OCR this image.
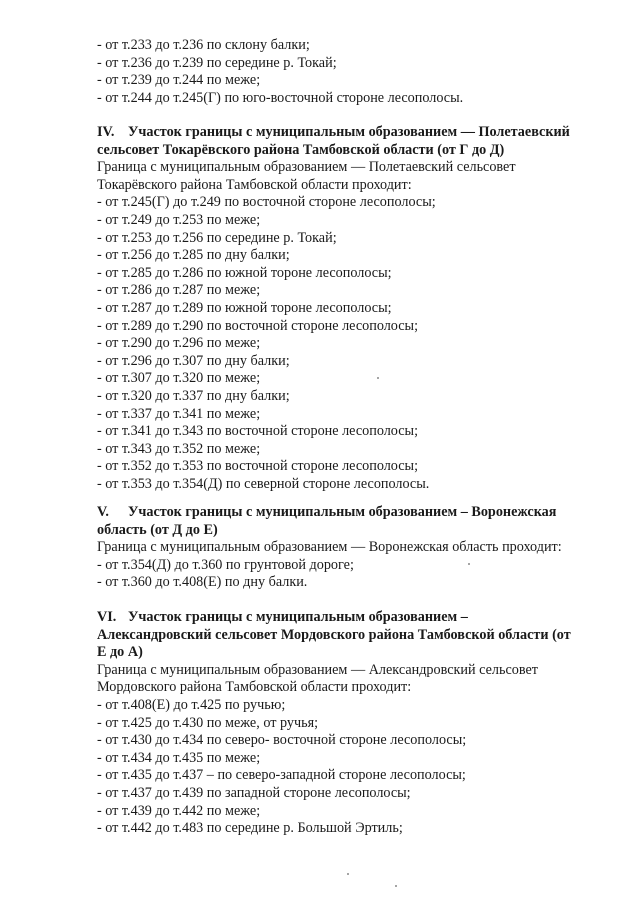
- от т.233 до т.236 по склону балки;
- от т.236 до т.239 по середине р. Токай;
- от т.239 до т.244 по меже;
- от т.244 до т.245(Г) по юго-восточной стороне лесополосы.
IV. Участок границы с муниципальным образованием — Полетаевский
сельсовет Токарёвского района Тамбовской области (от Г до Д)
Граница с муниципальным образованием — Полетаевский сельсовет
Токарёвского района Тамбовской области проходит:
- от т.245(Г) до т.249 по восточной стороне лесополосы;
- от т.249 до т.253 по меже;
- от т.253 до т.256 по середине р. Токай;
- от т.256 до т.285 по дну балки;
- от т.285 до т.286 по южной тороне лесополосы;
- от т.286 до т.287 по меже;
- от т.287 до т.289 по южной тороне лесополосы;
- от т.289 до т.290 по восточной стороне лесополосы;
- от т.290 до т.296 по меже;
- от т.296 до т.307 по дну балки;
- от т.307 до т.320 по меже;
- от т.320 до т.337 по дну балки;
- от т.337 до т.341 по меже;
- от т.341 до т.343 по восточной стороне лесополосы;
- от т.343 до т.352 по меже;
- от т.352 до т.353 по восточной стороне лесополосы;
- от т.353 до т.354(Д) по северной стороне лесополосы.
V. Участок границы с муниципальным образованием – Воронежская
область (от Д до Е)
Граница с муниципальным образованием — Воронежская область проходит:
- от т.354(Д) до т.360 по грунтовой дороге;
- от т.360 до т.408(Е) по дну балки.
VI. Участок границы с муниципальным образованием –
Александровский сельсовет Мордовского района Тамбовской области (от
Е до А)
Граница с муниципальным образованием — Александровский сельсовет
Мордовского района Тамбовской области проходит:
- от т.408(Е) до т.425 по ручью;
- от т.425 до т.430 по меже, от ручья;
- от т.430 до т.434 по северо- восточной стороне лесополосы;
- от т.434 до т.435 по меже;
- от т.435 до т.437 – по северо-западной стороне лесополосы;
- от т.437 до т.439 по западной стороне лесополосы;
- от т.439 до т.442 по меже;
- от т.442 до т.483 по середине р. Большой Эртиль;
